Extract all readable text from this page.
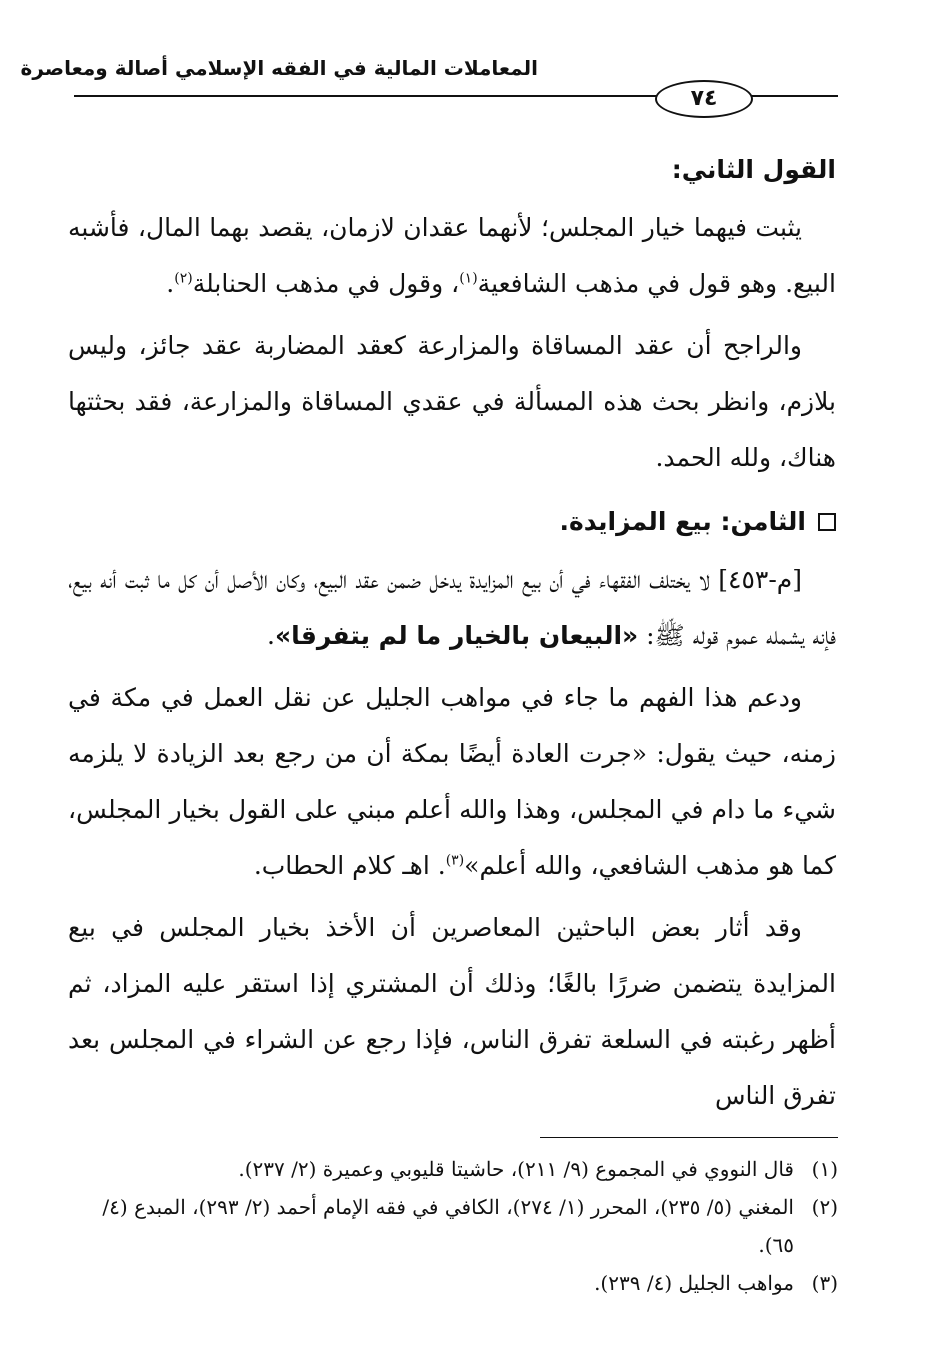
المعاملات المالية في الفقه الإسلامي أصالة ومعاصرة
٧٤
القول الثاني:

يثبت فيهما خيار المجلس؛ لأنهما عقدان لازمان، يقصد بهما المال، فأشبه البيع. وهو قول في مذهب الشافعية$^{(١)}$، وقول في مذهب الحنابلة$^{(٢)}$.

والراجح أن عقد المساقاة والمزارعة كعقد المضاربة عقد جائز، وليس بلازم، وانظر بحث هذه المسألة في عقدي المساقاة والمزارعة، فقد بحثتها هناك، ولله الحمد.

الثامن: بيع المزايدة.

[م-٤٥٣] لا يختلف الفقهاء في أن بيع المزايدة يدخل ضمن عقد البيع، وكان الأصل أن كل ما ثبت أنه بيع، فإنه يشمله عموم قوله ﷺ: «البيعان بالخيار ما لم يتفرقا».

ودعم هذا الفهم ما جاء في مواهب الجليل عن نقل العمل في مكة في زمنه، حيث يقول: «جرت العادة أيضًا بمكة أن من رجع بعد الزيادة لا يلزمه شيء ما دام في المجلس، وهذا والله أعلم مبني على القول بخيار المجلس، كما هو مذهب الشافعي، والله أعلم»$^{(٣)}$. اهـ كلام الحطاب.

وقد أثار بعض الباحثين المعاصرين أن الأخذ بخيار المجلس في بيع المزايدة يتضمن ضررًا بالغًا؛ وذلك أن المشتري إذا استقر عليه المزاد، ثم أظهر رغبته في السلعة تفرق الناس، فإذا رجع عن الشراء في المجلس بعد تفرق الناس

(١)
قال النووي في المجموع (٩/ ٢١١)، حاشيتا قليوبي وعميرة (٢/ ٢٣٧).
(٢)
المغني (٥/ ٢٣٥)، المحرر (١/ ٢٧٤)، الكافي في فقه الإمام أحمد (٢/ ٢٩٣)، المبدع (٤/ ٦٥).
(٣)
مواهب الجليل (٤/ ٢٣٩).
